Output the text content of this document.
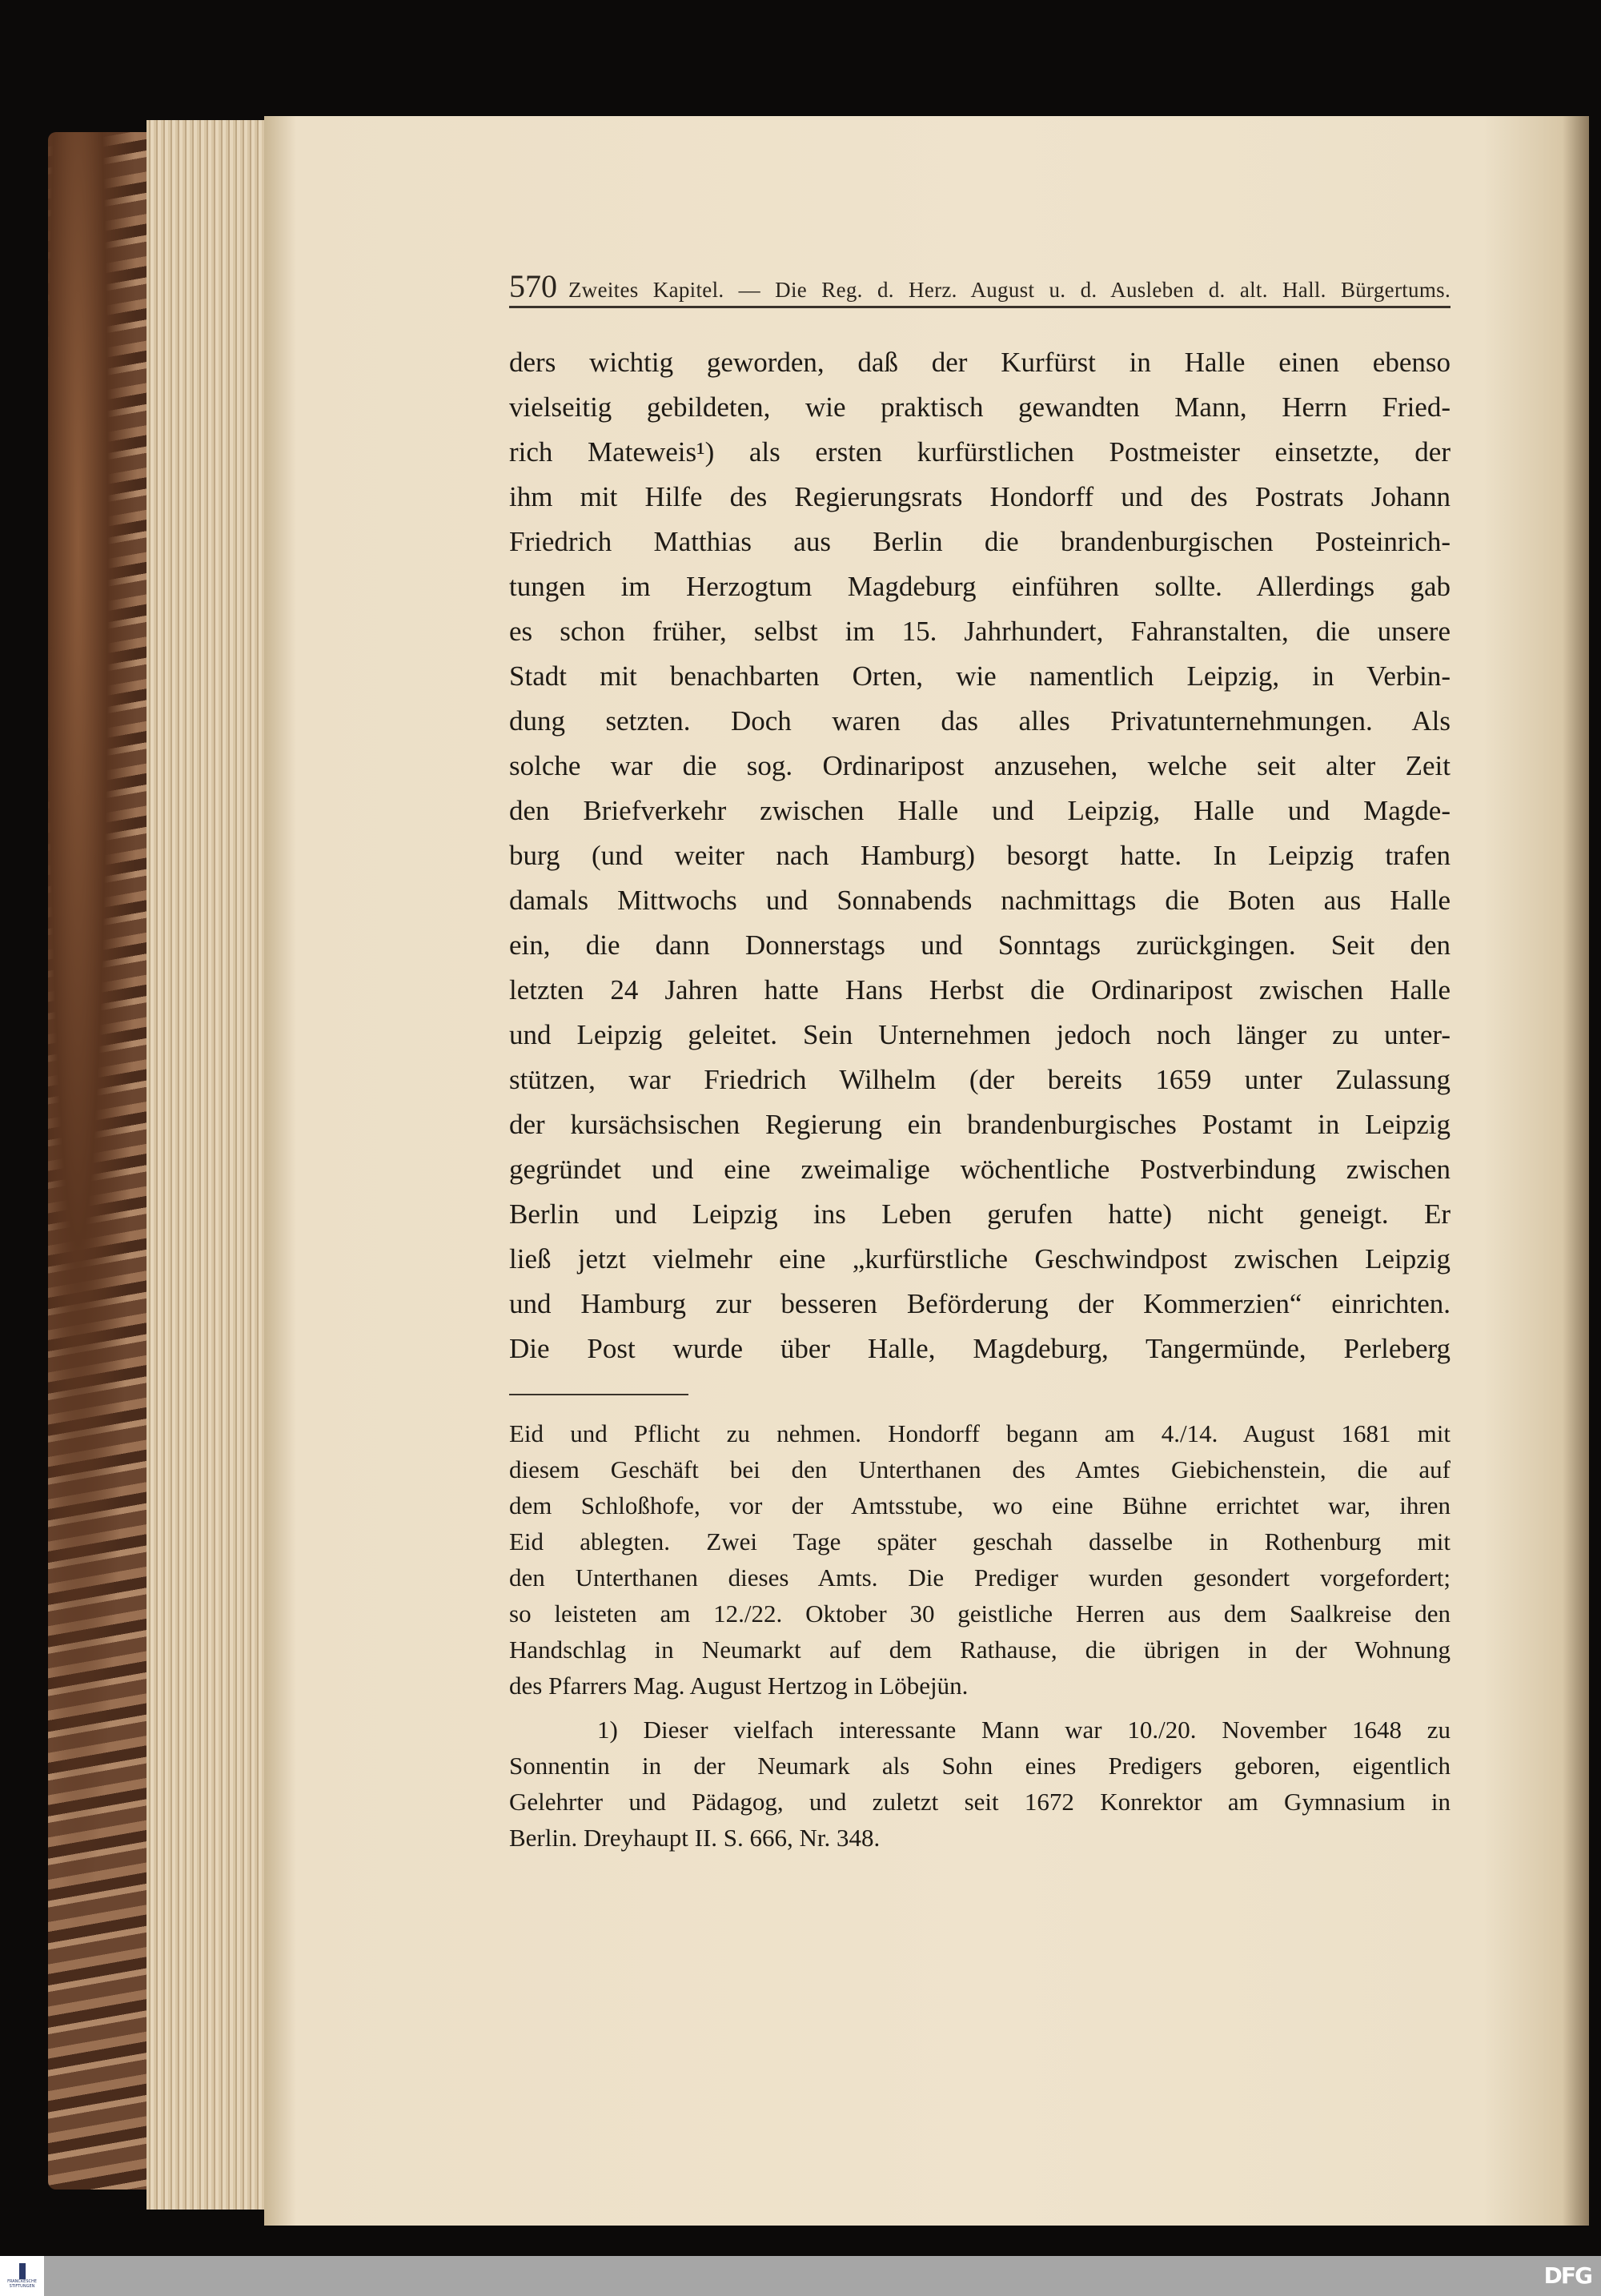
570 Zweites Kapitel. — Die Reg. d. Herz. August u. d. Ausleben d. alt. Hall. Bürgertums.
ders wichtig geworden, daß der Kurfürst in Halle einen ebenso
vielseitig gebildeten, wie praktisch gewandten Mann, Herrn Fried-
rich Mateweis¹) als ersten kurfürstlichen Postmeister einsetzte, der
ihm mit Hilfe des Regierungsrats Hondorff und des Postrats Johann
Friedrich Matthias aus Berlin die brandenburgischen Posteinrich-
tungen im Herzogtum Magdeburg einführen sollte. Allerdings gab
es schon früher, selbst im 15. Jahrhundert, Fahranstalten, die unsere
Stadt mit benachbarten Orten, wie namentlich Leipzig, in Verbin-
dung setzten. Doch waren das alles Privatunternehmungen. Als
solche war die sog. Ordinaripost anzusehen, welche seit alter Zeit
den Briefverkehr zwischen Halle und Leipzig, Halle und Magde-
burg (und weiter nach Hamburg) besorgt hatte. In Leipzig trafen
damals Mittwochs und Sonnabends nachmittags die Boten aus Halle
ein, die dann Donnerstags und Sonntags zurückgingen. Seit den
letzten 24 Jahren hatte Hans Herbst die Ordinaripost zwischen Halle
und Leipzig geleitet. Sein Unternehmen jedoch noch länger zu unter-
stützen, war Friedrich Wilhelm (der bereits 1659 unter Zulassung
der kursächsischen Regierung ein brandenburgisches Postamt in Leipzig
gegründet und eine zweimalige wöchentliche Postverbindung zwischen
Berlin und Leipzig ins Leben gerufen hatte) nicht geneigt. Er
ließ jetzt vielmehr eine „kurfürstliche Geschwindpost zwischen Leipzig
und Hamburg zur besseren Beförderung der Kommerzien“ einrichten.
Die Post wurde über Halle, Magdeburg, Tangermünde, Perleberg
Eid und Pflicht zu nehmen. Hondorff begann am 4./14. August 1681 mit
diesem Geschäft bei den Unterthanen des Amtes Giebichenstein, die auf
dem Schloßhofe, vor der Amtsstube, wo eine Bühne errichtet war, ihren
Eid ablegten. Zwei Tage später geschah dasselbe in Rothenburg mit
den Unterthanen dieses Amts. Die Prediger wurden gesondert vorgefordert;
so leisteten am 12./22. Oktober 30 geistliche Herren aus dem Saalkreise den
Handschlag in Neumarkt auf dem Rathause, die übrigen in der Wohnung
des Pfarrers Mag. August Hertzog in Löbejün.
1) Dieser vielfach interessante Mann war 10./20. November 1648 zu
Sonnentin in der Neumark als Sohn eines Predigers geboren, eigentlich
Gelehrter und Pädagog, und zuletzt seit 1672 Konrektor am Gymnasium in
Berlin. Dreyhaupt II. S. 666, Nr. 348.
FRANCKESCHE STIFTUNGEN	DFG
